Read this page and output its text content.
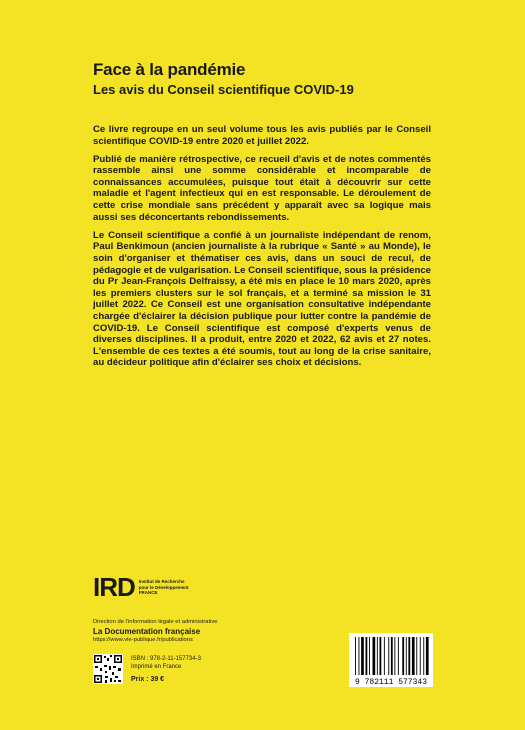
Face à la pandémie
Les avis du Conseil scientifique COVID-19

Ce livre regroupe en un seul volume tous les avis publiés par le Conseil scientifique COVID-19 entre 2020 et juillet 2022.

Publié de manière rétrospective, ce recueil d'avis et de notes commentés rassemble ainsi une somme considérable et incomparable de connaissances accumulées, puisque tout était à découvrir sur cette maladie et l'agent infectieux qui en est responsable. Le déroulement de cette crise mondiale sans précédent y apparaît avec sa logique mais aussi ses déconcertants rebondissements.

Le Conseil scientifique a confié à un journaliste indépendant de renom, Paul Benkimoun (ancien journaliste à la rubrique « Santé » au Monde), le soin d'organiser et thématiser ces avis, dans un souci de recul, de pédagogie et de vulgarisation. Le Conseil scientifique, sous la présidence du Pr Jean-François Delfraissy, a été mis en place le 10 mars 2020, après les premiers clusters sur le sol français, et a terminé sa mission le 31 juillet 2022. Ce Conseil est une organisation consultative indépendante chargée d'éclairer la décision publique pour lutter contre la pandémie de COVID-19. Le Conseil scientifique est composé d'experts venus de diverses disciplines. Il a produit, entre 2020 et 2022, 62 avis et 27 notes. L'ensemble de ces textes a été soumis, tout au long de la crise sanitaire, au décideur politique afin d'éclairer ses choix et décisions.

IRD Institut de Recherche
pour le Développement
FRANCE
Direction de l'information légale et administrative
La Documentation française
https://www.vie-publique.fr/publications
ISBN : 978-2-11-157734-3
Imprimé en France
Prix : 39 €	9 782111 577343
